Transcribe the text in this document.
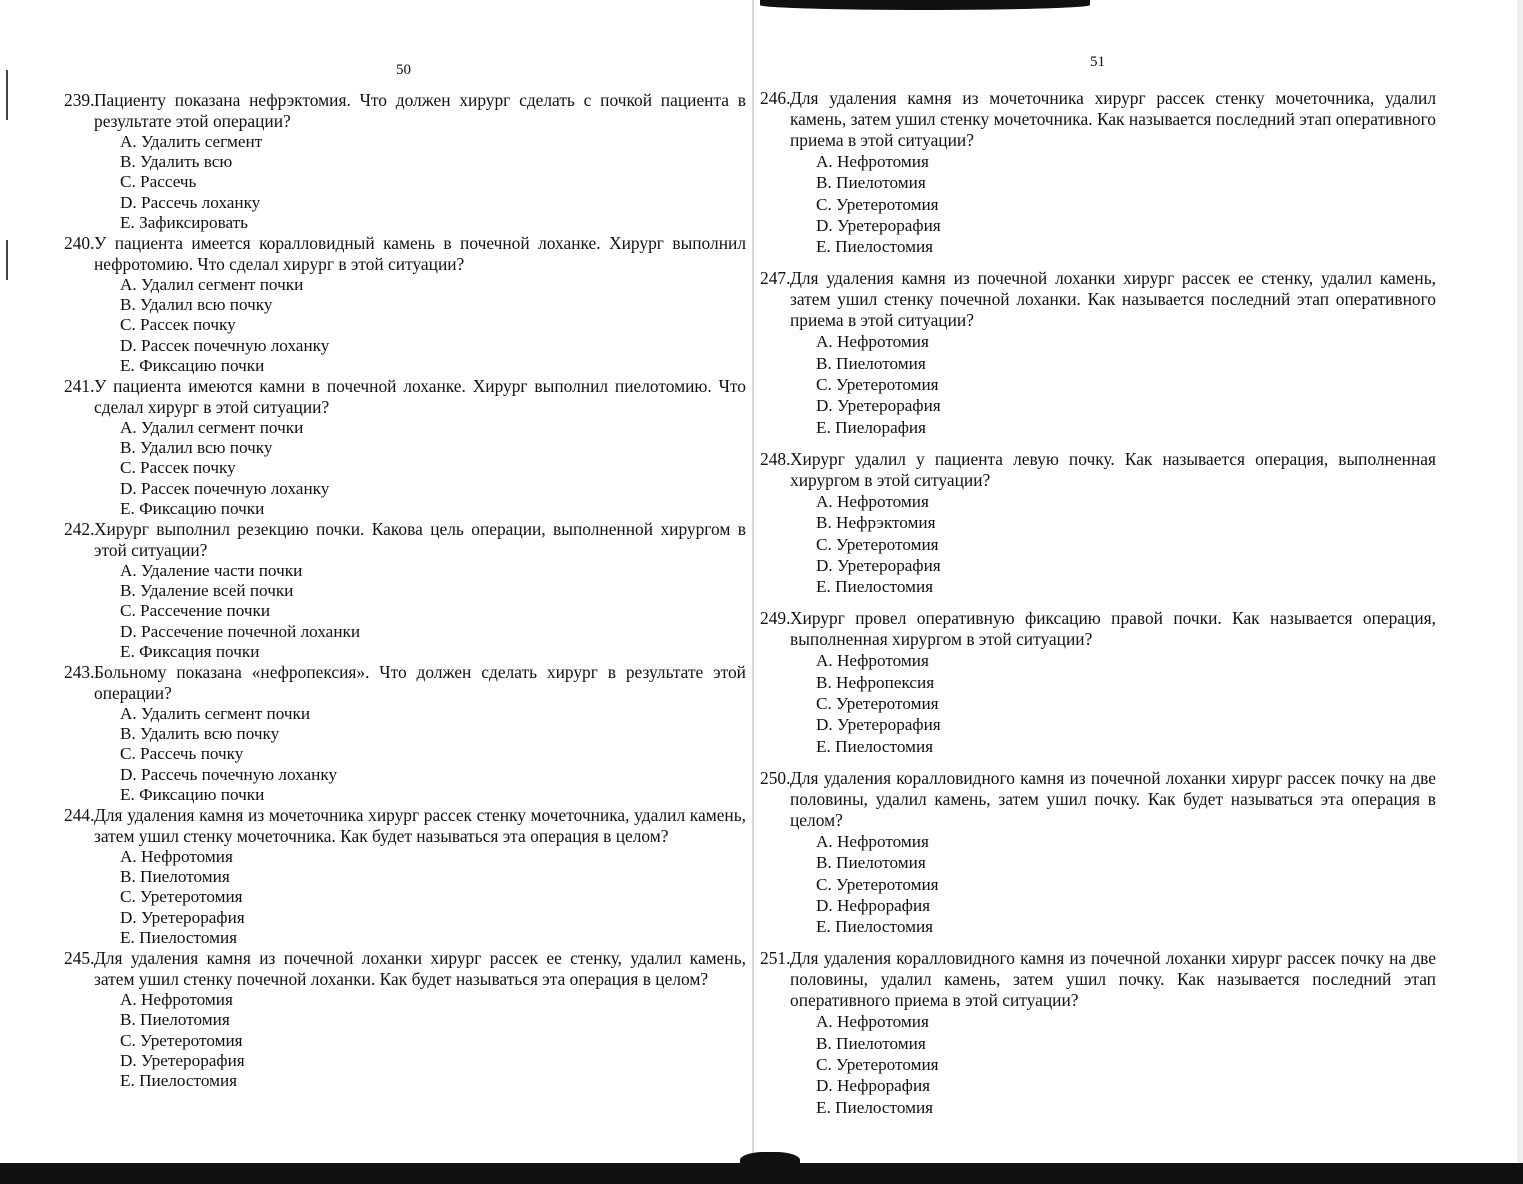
50

239.Пациенту показана нефрэктомия. Что должен хирург сделать с почкой пациента в результате этой операции?

А. Удалить сегмент
В. Удалить всю
С. Рассечь
D. Рассечь лоханку
Е. Зафиксировать

240.У пациента имеется коралловидный камень в почечной лоханке. Хирург выполнил нефротомию. Что сделал хирург в этой ситуации?

А. Удалил сегмент почки
В. Удалил всю почку
С. Рассек почку
D. Рассек почечную лоханку
Е. Фиксацию почки

241.У пациента имеются камни в почечной лоханке. Хирург выполнил пиелотомию. Что сделал хирург в этой ситуации?

А. Удалил сегмент почки
В. Удалил всю почку
С. Рассек почку
D. Рассек почечную лоханку
Е. Фиксацию почки

242.Хирург выполнил резекцию почки. Какова цель операции, выполненной хирургом в этой ситуации?

А. Удаление части почки
В. Удаление всей почки
С. Рассечение почки
D. Рассечение почечной лоханки
Е. Фиксация почки

243.Больному показана «нефропексия». Что должен сделать хирург в результате этой операции?

А. Удалить сегмент почки
В. Удалить всю почку
С. Рассечь почку
D. Рассечь почечную лоханку
Е. Фиксацию почки

244.Для удаления камня из мочеточника хирург рассек стенку мочеточника, удалил камень, затем ушил стенку мочеточника. Как будет называться эта операция в целом?

А. Нефротомия
В. Пиелотомия
С. Уретеротомия
D. Уретерорафия
Е. Пиелостомия

245.Для удаления камня из почечной лоханки хирург рассек ее стенку, удалил камень, затем ушил стенку почечной лоханки. Как будет называться эта операция в целом?

А. Нефротомия
В. Пиелотомия
С. Уретеротомия
D. Уретерорафия
Е. Пиелостомия
51

246.Для удаления камня из мочеточника хирург рассек стенку мочеточника, удалил камень, затем ушил стенку мочеточника. Как называется последний этап оперативного приема в этой ситуации?

А. Нефротомия
В. Пиелотомия
С. Уретеротомия
D. Уретерорафия
Е. Пиелостомия

247.Для удаления камня из почечной лоханки хирург рассек ее стенку, удалил камень, затем ушил стенку почечной лоханки. Как называется последний этап оперативного приема в этой ситуации?

А. Нефротомия
В. Пиелотомия
С. Уретеротомия
D. Уретерорафия
Е. Пиелорафия

248.Хирург удалил у пациента левую почку. Как называется операция, выполненная хирургом в этой ситуации?

А. Нефротомия
В. Нефрэктомия
С. Уретеротомия
D. Уретерорафия
Е. Пиелостомия

249.Хирург провел оперативную фиксацию правой почки. Как называется операция, выполненная хирургом в этой ситуации?

А. Нефротомия
В. Нефропексия
С. Уретеротомия
D. Уретерорафия
Е. Пиелостомия

250.Для удаления коралловидного камня из почечной лоханки хирург рассек почку на две половины, удалил камень, затем ушил почку. Как будет называться эта операция в целом?

А. Нефротомия
В. Пиелотомия
С. Уретеротомия
D. Нефрорафия
Е. Пиелостомия

251.Для удаления коралловидного камня из почечной лоханки хирург рассек почку на две половины, удалил камень, затем ушил почку. Как называется последний этап оперативного приема в этой ситуации?

А. Нефротомия
В. Пиелотомия
С. Уретеротомия
D. Нефрорафия
Е. Пиелостомия
